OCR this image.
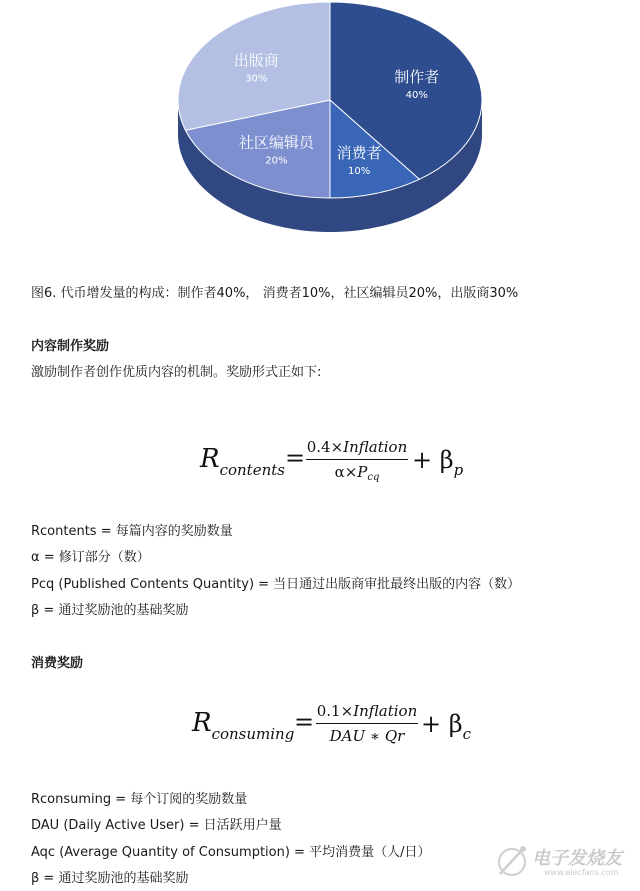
制作者
40%
消费者
10%
社区编辑员
20%
出版商
30%
图6. 代币增发量的构成：制作者40%， 消费者10%，社区编辑员20%，出版商30%
内容制作奖励
激励制作者创作优质内容的机制。奖励形式正如下:
$R_{contents}$ = 0.4×Inflation
$\alpha\times P_{cq}$
+ $\beta_p$
Rcontents = 每篇内容的奖励数量
α = 修订部分（数）
Pcq (Published Contents Quantity) = 当日通过出版商审批最终出版的内容（数）
β = 通过奖励池的基础奖励
消费奖励
$R_{consuming}$ = 0.1×Inflation
DAU ∗ $Qr + \beta_c$
Rconsuming = 每个订阅的奖励数量
DAU (Daily Active User) = 日活跃用户量
Aqc (Average Quantity of Consumption) = 平均消费量（人/日）
β = 通过奖励池的基础奖励
电子发烧友
www.elecfans.com
